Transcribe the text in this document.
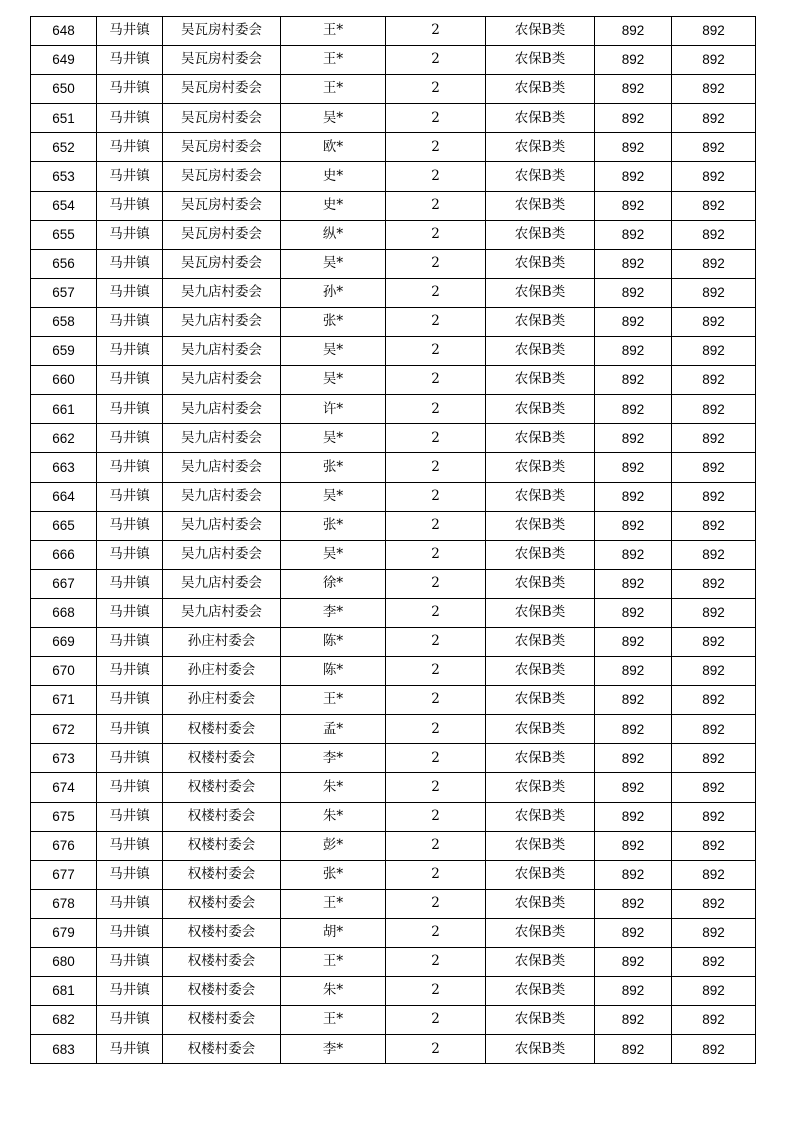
648	马井镇	吴瓦房村委会	王*	2	农保B类	892	892
649	马井镇	吴瓦房村委会	王*	2	农保B类	892	892
650	马井镇	吴瓦房村委会	王*	2	农保B类	892	892
651	马井镇	吴瓦房村委会	吴*	2	农保B类	892	892
652	马井镇	吴瓦房村委会	欧*	2	农保B类	892	892
653	马井镇	吴瓦房村委会	史*	2	农保B类	892	892
654	马井镇	吴瓦房村委会	史*	2	农保B类	892	892
655	马井镇	吴瓦房村委会	纵*	2	农保B类	892	892
656	马井镇	吴瓦房村委会	吴*	2	农保B类	892	892
657	马井镇	吴九店村委会	孙*	2	农保B类	892	892
658	马井镇	吴九店村委会	张*	2	农保B类	892	892
659	马井镇	吴九店村委会	吴*	2	农保B类	892	892
660	马井镇	吴九店村委会	吴*	2	农保B类	892	892
661	马井镇	吴九店村委会	许*	2	农保B类	892	892
662	马井镇	吴九店村委会	吴*	2	农保B类	892	892
663	马井镇	吴九店村委会	张*	2	农保B类	892	892
664	马井镇	吴九店村委会	吴*	2	农保B类	892	892
665	马井镇	吴九店村委会	张*	2	农保B类	892	892
666	马井镇	吴九店村委会	吴*	2	农保B类	892	892
667	马井镇	吴九店村委会	徐*	2	农保B类	892	892
668	马井镇	吴九店村委会	李*	2	农保B类	892	892
669	马井镇	孙庄村委会	陈*	2	农保B类	892	892
670	马井镇	孙庄村委会	陈*	2	农保B类	892	892
671	马井镇	孙庄村委会	王*	2	农保B类	892	892
672	马井镇	权楼村委会	孟*	2	农保B类	892	892
673	马井镇	权楼村委会	李*	2	农保B类	892	892
674	马井镇	权楼村委会	朱*	2	农保B类	892	892
675	马井镇	权楼村委会	朱*	2	农保B类	892	892
676	马井镇	权楼村委会	彭*	2	农保B类	892	892
677	马井镇	权楼村委会	张*	2	农保B类	892	892
678	马井镇	权楼村委会	王*	2	农保B类	892	892
679	马井镇	权楼村委会	胡*	2	农保B类	892	892
680	马井镇	权楼村委会	王*	2	农保B类	892	892
681	马井镇	权楼村委会	朱*	2	农保B类	892	892
682	马井镇	权楼村委会	王*	2	农保B类	892	892
683	马井镇	权楼村委会	李*	2	农保B类	892	892
